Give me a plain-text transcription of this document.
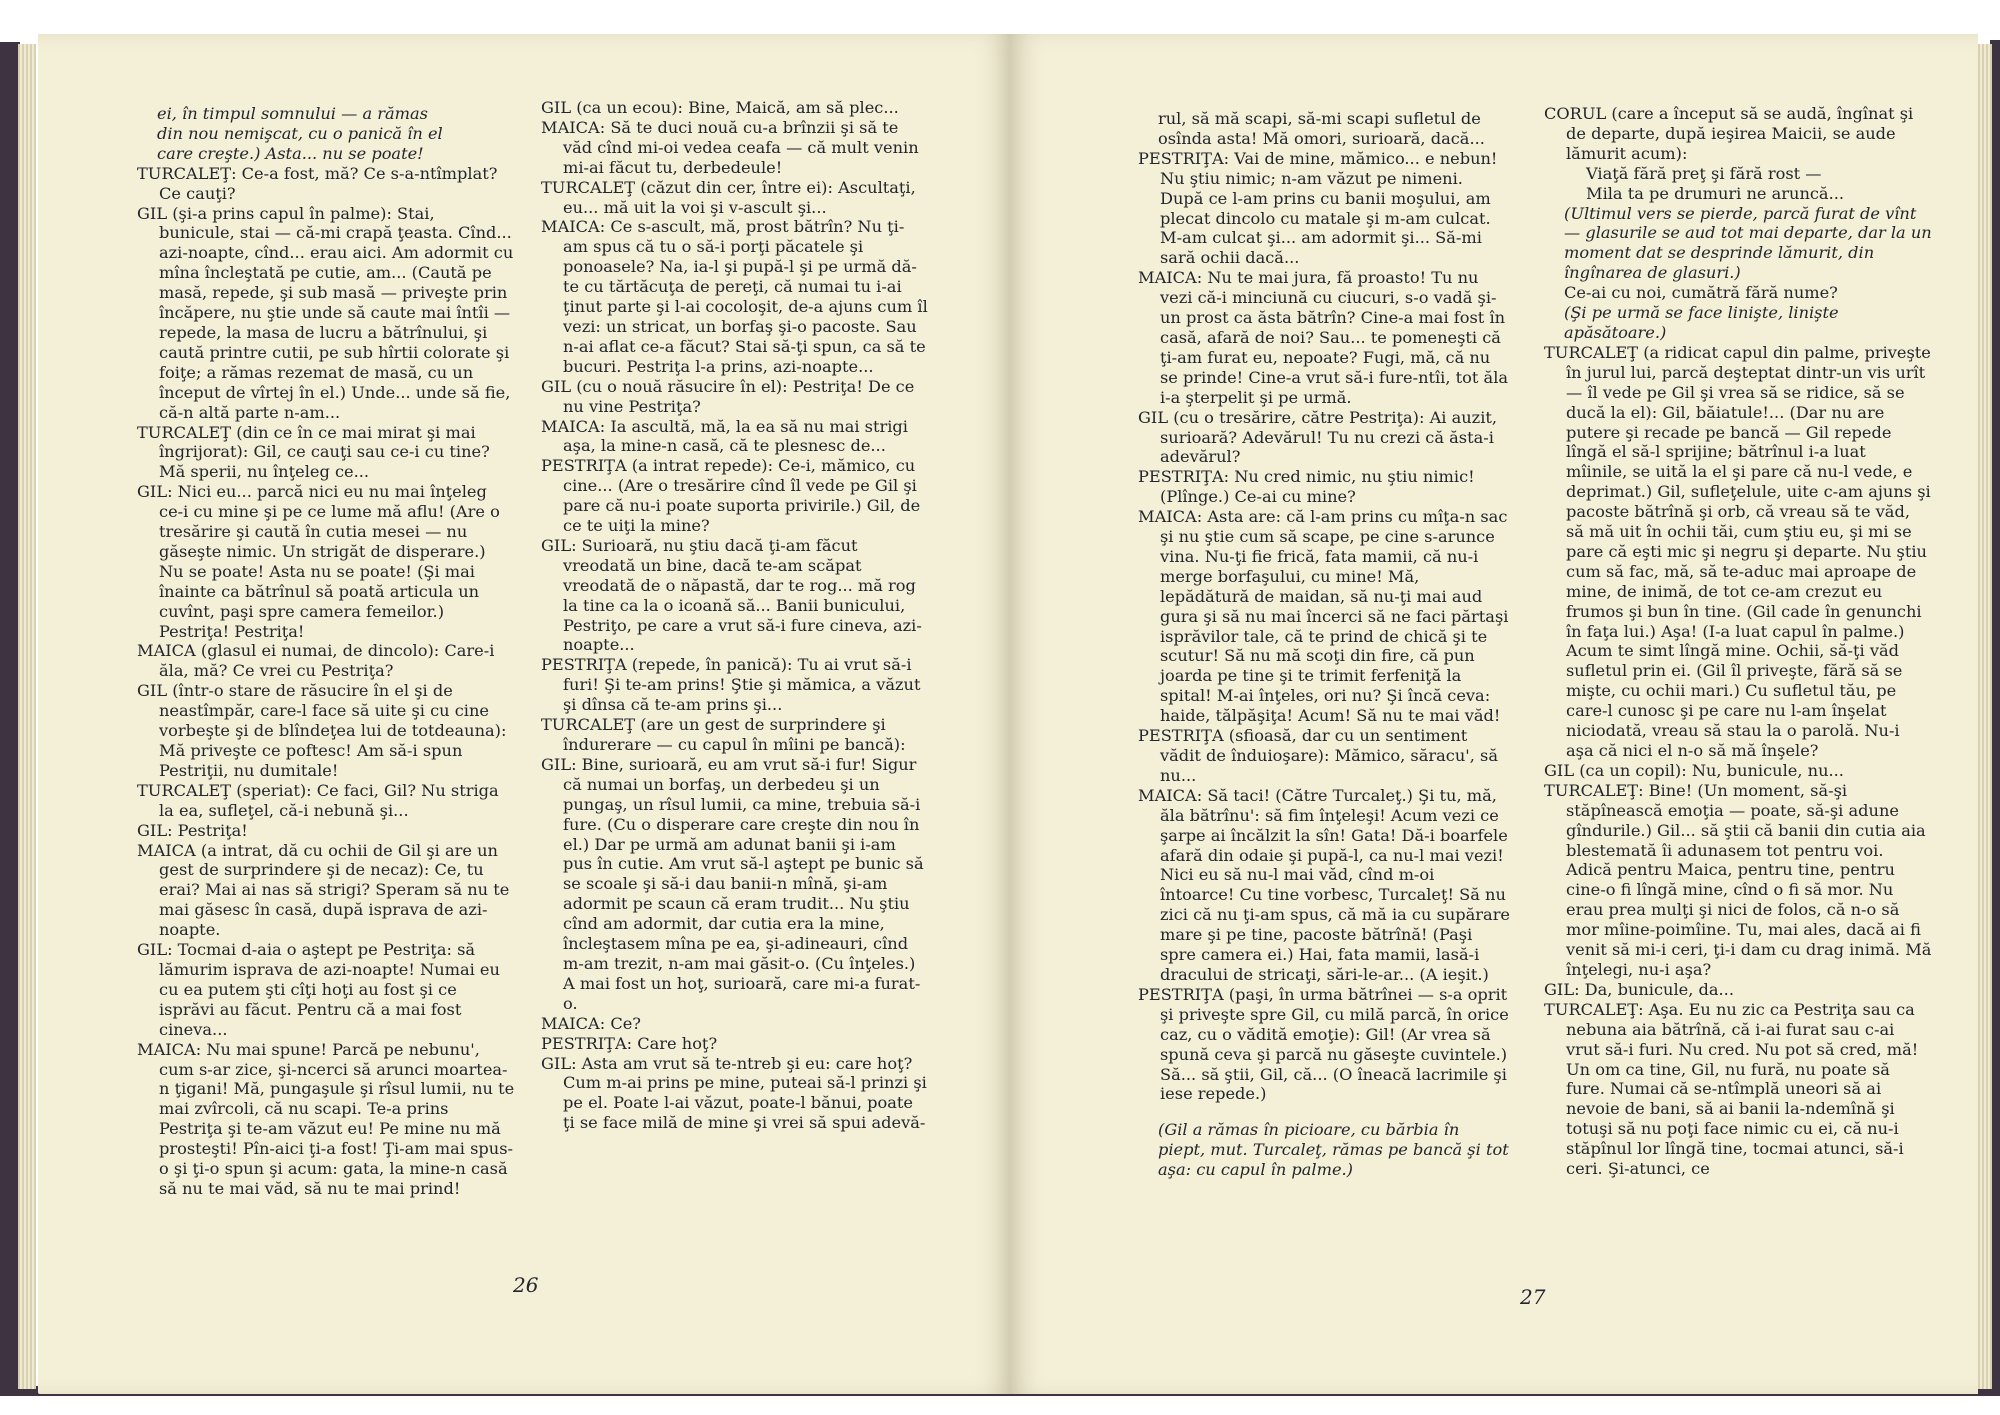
ei, în timpul somnului — a rămas

din nou nemişcat, cu o panică în el

care creşte.) Asta... nu se poate!

TURCALEŢ: Ce-a fost, mă? Ce s-a-ntîmplat? Ce cauţi?

GIL (şi-a prins capul în palme): Stai, bunicule, stai — că-mi crapă ţeasta. Cînd... azi-noapte, cînd... erau aici. Am adormit cu mîna încleştată pe cutie, am... (Caută pe masă, repede, şi sub masă — priveşte prin încăpere, nu ştie unde să caute mai întîi — repede, la masa de lucru a bătrînului, şi caută printre cutii, pe sub hîrtii colorate şi foiţe; a rămas rezemat de masă, cu un început de vîrtej în el.) Unde... unde să fie, că-n altă parte n-am...

TURCALEŢ (din ce în ce mai mirat şi mai îngrijorat): Gil, ce cauţi sau ce-i cu tine? Mă sperii, nu înţeleg ce...

GIL: Nici eu... parcă nici eu nu mai înţeleg ce-i cu mine şi pe ce lume mă aflu! (Are o tresărire şi caută în cutia mesei — nu găseşte nimic. Un strigăt de disperare.) Nu se poate! Asta nu se poate! (Şi mai înainte ca bătrînul să poată articula un cuvînt, paşi spre camera femeilor.) Pestriţa! Pestriţa!

MAICA (glasul ei numai, de dincolo): Care-i ăla, mă? Ce vrei cu Pestriţa?

GIL (într-o stare de răsucire în el şi de neastîmpăr, care-l face să uite şi cu cine vorbeşte şi de blîndeţea lui de totdeauna): Mă priveşte ce poftesc! Am să-i spun Pestriţii, nu dumitale!

TURCALEŢ (speriat): Ce faci, Gil? Nu striga la ea, sufleţel, că-i nebună şi...

GIL: Pestriţa!

MAICA (a intrat, dă cu ochii de Gil şi are un gest de surprindere şi de necaz): Ce, tu erai? Mai ai nas să strigi? Speram să nu te mai găsesc în casă, după isprava de azi-noapte.

GIL: Tocmai d-aia o aştept pe Pestriţa: să lămurim isprava de azi-noapte! Numai eu cu ea putem şti cîţi hoţi au fost şi ce isprăvi au făcut. Pentru că a mai fost cineva...

MAICA: Nu mai spune! Parcă pe nebunu', cum s-ar zice, şi-ncerci să arunci moartea-n ţigani! Mă, pungaşule şi rîsul lumii, nu te mai zvîrcoli, că nu scapi. Te-a prins Pestriţa şi te-am văzut eu! Pe mine nu mă prosteşti! Pîn-aici ţi-a fost! Ţi-am mai spus-o şi ţi-o spun şi acum: gata, la mine-n casă să nu te mai văd, să nu te mai prind!

GIL (ca un ecou): Bine, Maică, am să plec...

MAICA: Să te duci nouă cu-a brînzii şi să te văd cînd mi-oi vedea ceafa — că mult venin mi-ai făcut tu, derbedeule!

TURCALEŢ (căzut din cer, între ei): Ascultaţi, eu... mă uit la voi şi v-ascult şi...

MAICA: Ce s-ascult, mă, prost bătrîn? Nu ţi-am spus că tu o să-i porţi păcatele şi ponoasele? Na, ia-l şi pupă-l şi pe urmă dă-te cu tărtăcuţa de pereţi, că numai tu i-ai ţinut parte şi l-ai cocoloşit, de-a ajuns cum îl vezi: un stricat, un borfaş şi-o pacoste. Sau n-ai aflat ce-a făcut? Stai să-ţi spun, ca să te bucuri. Pestriţa l-a prins, azi-noapte...

GIL (cu o nouă răsucire în el): Pestriţa! De ce nu vine Pestriţa?

MAICA: Ia ascultă, mă, la ea să nu mai strigi aşa, la mine-n casă, că te plesnesc de...

PESTRIŢA (a intrat repede): Ce-i, mămico, cu cine... (Are o tresărire cînd îl vede pe Gil şi pare că nu-i poate suporta privirile.) Gil, de ce te uiţi la mine?

GIL: Surioară, nu ştiu dacă ţi-am făcut vreodată un bine, dacă te-am scăpat vreodată de o năpastă, dar te rog... mă rog la tine ca la o icoană să... Banii bunicului, Pestriţo, pe care a vrut să-i fure cineva, azi-noapte...

PESTRIŢA (repede, în panică): Tu ai vrut să-i furi! Şi te-am prins! Ştie şi mămica, a văzut şi dînsa că te-am prins şi...

TURCALEŢ (are un gest de surprindere şi îndurerare — cu capul în mîini pe bancă):

GIL: Bine, surioară, eu am vrut să-i fur! Sigur că numai un borfaş, un derbedeu şi un pungaş, un rîsul lumii, ca mine, trebuia să-i fure. (Cu o disperare care creşte din nou în el.) Dar pe urmă am adunat banii şi i-am pus în cutie. Am vrut să-l aştept pe bunic să se scoale şi să-i dau banii-n mînă, şi-am adormit pe scaun că eram trudit... Nu ştiu cînd am adormit, dar cutia era la mine, încleştasem mîna pe ea, şi-adineauri, cînd m-am trezit, n-am mai găsit-o. (Cu înţeles.) A mai fost un hoţ, surioară, care mi-a furat-o.

MAICA: Ce?

PESTRIŢA: Care hoţ?

GIL: Asta am vrut să te-ntreb şi eu: care hoţ? Cum m-ai prins pe mine, puteai să-l prinzi şi pe el. Poate l-ai văzut, poate-l bănui, poate ţi se face milă de mine şi vrei să spui adevă-

26

rul, să mă scapi, să-mi scapi sufletul de osînda asta! Mă omori, surioară, dacă...

PESTRIŢA: Vai de mine, mămico... e nebun! Nu ştiu nimic; n-am văzut pe nimeni. După ce l-am prins cu banii moşului, am plecat dincolo cu matale şi m-am culcat. M-am culcat şi... am adormit şi... Să-mi sară ochii dacă...

MAICA: Nu te mai jura, fă proasto! Tu nu vezi că-i minciună cu ciucuri, s-o vadă şi-un prost ca ăsta bătrîn? Cine-a mai fost în casă, afară de noi? Sau... te pomeneşti că ţi-am furat eu, nepoate? Fugi, mă, că nu se prinde! Cine-a vrut să-i fure-ntîi, tot ăla i-a şterpelit şi pe urmă.

GIL (cu o tresărire, către Pestriţa): Ai auzit, surioară? Adevărul! Tu nu crezi că ăsta-i adevărul?

PESTRIŢA: Nu cred nimic, nu ştiu nimic! (Plînge.) Ce-ai cu mine?

MAICA: Asta are: că l-am prins cu mîţa-n sac şi nu ştie cum să scape, pe cine s-arunce vina. Nu-ţi fie frică, fata mamii, că nu-i merge borfaşului, cu mine! Mă, lepădătură de maidan, să nu-ţi mai aud gura şi să nu mai încerci să ne faci părtaşi isprăvilor tale, că te prind de chică şi te scutur! Să nu mă scoţi din fire, că pun joarda pe tine şi te trimit ferfeniţă la spital! M-ai înţeles, ori nu? Şi încă ceva: haide, tălpăşiţa! Acum! Să nu te mai văd!

PESTRIŢA (sfioasă, dar cu un sentiment vădit de înduioşare): Mămico, săracu', să nu...

MAICA: Să taci! (Către Turcaleţ.) Şi tu, mă, ăla bătrînu': să fim înţeleşi! Acum vezi ce şarpe ai încălzit la sîn! Gata! Dă-i boarfele afară din odaie şi pupă-l, ca nu-l mai vezi! Nici eu să nu-l mai văd, cînd m-oi întoarce! Cu tine vorbesc, Turcaleţ! Să nu zici că nu ţi-am spus, că mă ia cu supărare mare şi pe tine, pacoste bătrînă! (Paşi spre camera ei.) Hai, fata mamii, lasă-i dracului de stricaţi, sări-le-ar... (A ieşit.)

PESTRIŢA (paşi, în urma bătrînei — s-a oprit şi priveşte spre Gil, cu milă parcă, în orice caz, cu o vădită emoţie): Gil! (Ar vrea să spună ceva şi parcă nu găseşte cuvintele.) Să... să ştii, Gil, că... (O îneacă lacrimile şi iese repede.)

(Gil a rămas în picioare, cu bărbia în piept, mut. Turcaleţ, rămas pe bancă şi tot aşa: cu capul în palme.)

CORUL (care a început să se audă, îngînat şi de departe, după ieşirea Maicii, se aude lămurit acum):

Viaţă fără preţ şi fără rost —

Mila ta pe drumuri ne aruncă...

(Ultimul vers se pierde, parcă furat de vînt — glasurile se aud tot mai departe, dar la un moment dat se desprinde lămurit, din îngînarea de glasuri.)

Ce-ai cu noi, cumătră fără nume?

(Şi pe urmă se face linişte, linişte apăsătoare.)

TURCALEŢ (a ridicat capul din palme, priveşte în jurul lui, parcă deşteptat dintr-un vis urît — îl vede pe Gil şi vrea să se ridice, să se ducă la el): Gil, băiatule!... (Dar nu are putere şi recade pe bancă — Gil repede lîngă el să-l sprijine; bătrînul i-a luat mîinile, se uită la el şi pare că nu-l vede, e deprimat.) Gil, sufleţelule, uite c-am ajuns şi pacoste bătrînă şi orb, că vreau să te văd, să mă uit în ochii tăi, cum ştiu eu, şi mi se pare că eşti mic şi negru şi departe. Nu ştiu cum să fac, mă, să te-aduc mai aproape de mine, de inimă, de tot ce-am crezut eu frumos şi bun în tine. (Gil cade în genunchi în faţa lui.) Aşa! (I-a luat capul în palme.) Acum te simt lîngă mine. Ochii, să-ţi văd sufletul prin ei. (Gil îl priveşte, fără să se mişte, cu ochii mari.) Cu sufletul tău, pe care-l cunosc şi pe care nu l-am înşelat niciodată, vreau să stau la o parolă. Nu-i aşa că nici el n-o să mă înşele?

GIL (ca un copil): Nu, bunicule, nu...

TURCALEŢ: Bine! (Un moment, să-şi stăpînească emoţia — poate, să-şi adune gîndurile.) Gil... să ştii că banii din cutia aia blestemată îi adunasem tot pentru voi. Adică pentru Maica, pentru tine, pentru cine-o fi lîngă mine, cînd o fi să mor. Nu erau prea mulţi şi nici de folos, că n-o să mor mîine-poimîine. Tu, mai ales, dacă ai fi venit să mi-i ceri, ţi-i dam cu drag inimă. Mă înţelegi, nu-i aşa?

GIL: Da, bunicule, da...

TURCALEŢ: Aşa. Eu nu zic ca Pestriţa sau ca nebuna aia bătrînă, că i-ai furat sau c-ai vrut să-i furi. Nu cred. Nu pot să cred, mă! Un om ca tine, Gil, nu fură, nu poate să fure. Numai că se-ntîmplă uneori să ai nevoie de bani, să ai banii la-ndemînă şi totuşi să nu poţi face nimic cu ei, că nu-i stăpînul lor lîngă tine, tocmai atunci, să-i ceri. Şi-atunci, ce

27
